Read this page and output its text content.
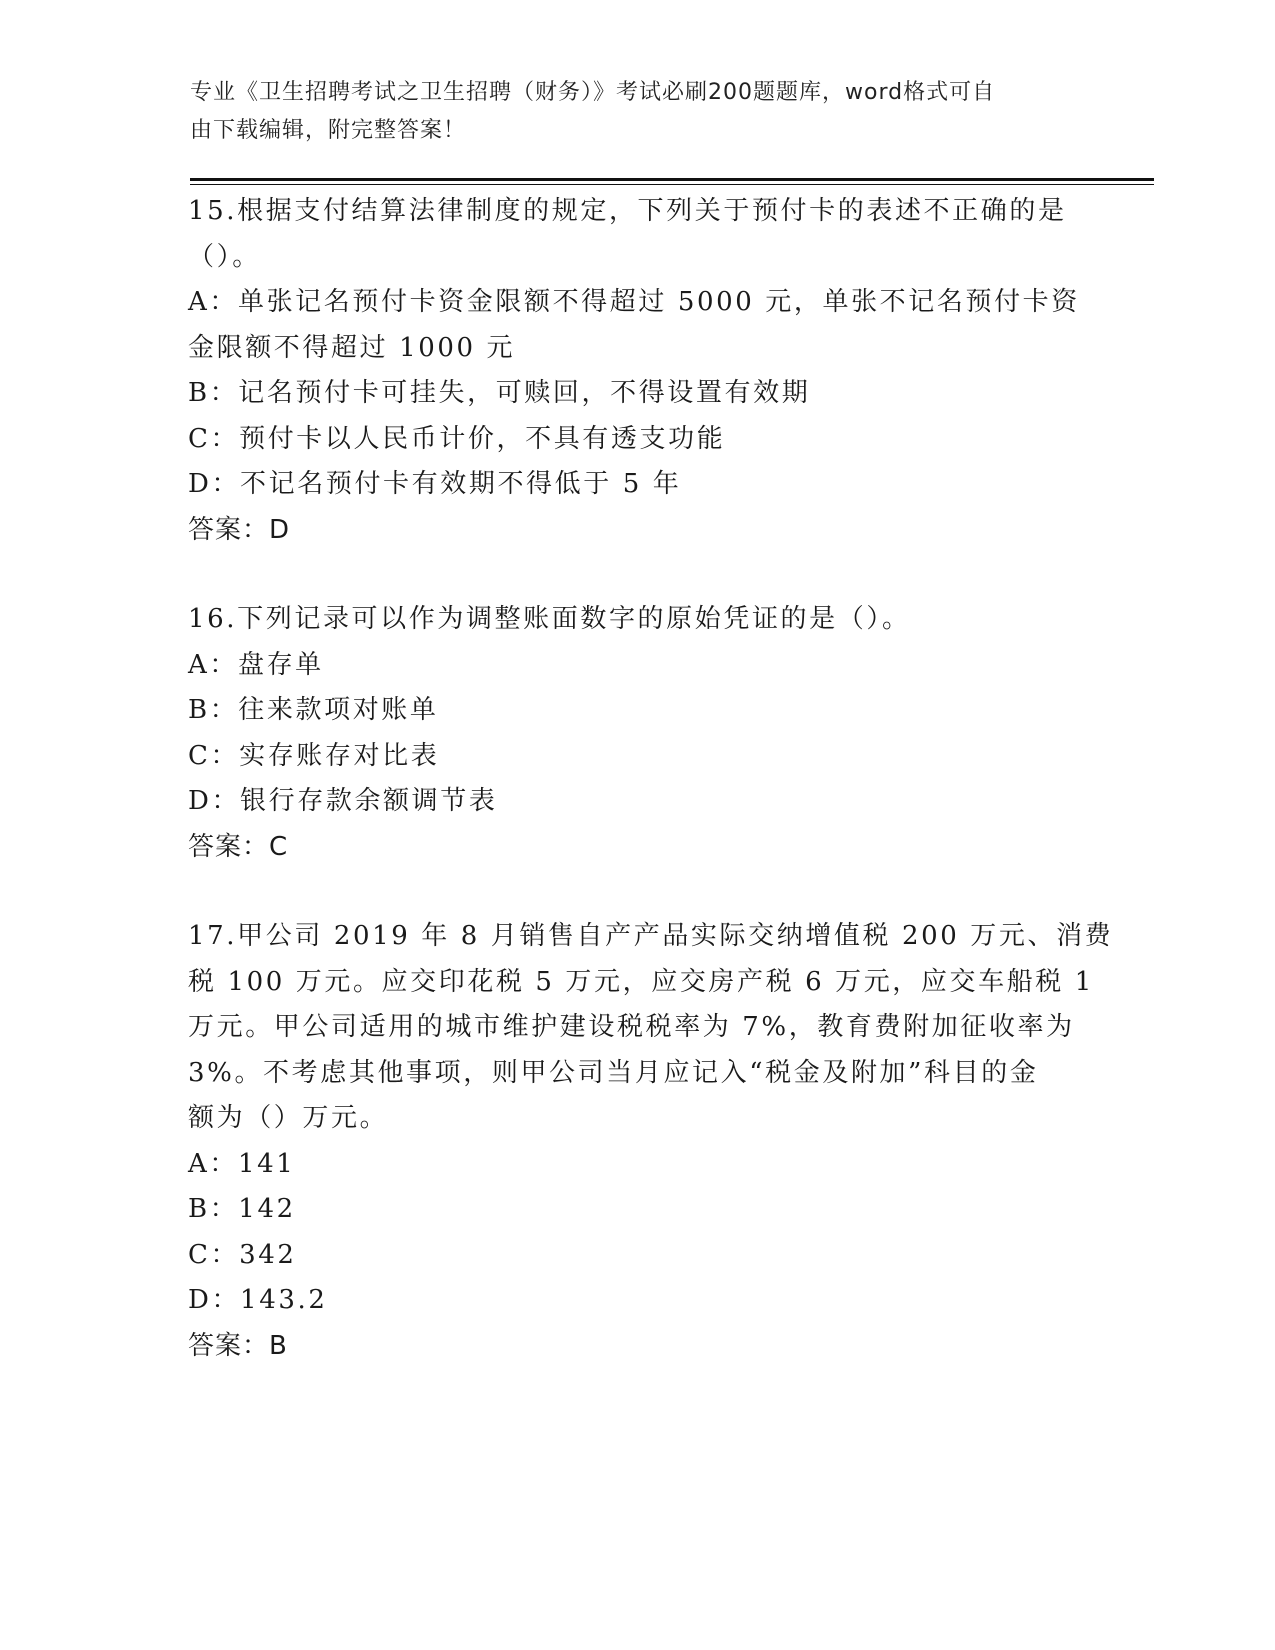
专业《卫生招聘考试之卫生招聘（财务）》考试必刷200题题库，word格式可自
由下载编辑，附完整答案！
15.根据支付结算法律制度的规定，下列关于预付卡的表述不正确的是
（）。
A：单张记名预付卡资金限额不得超过 5000 元，单张不记名预付卡资
金限额不得超过 1000 元
B：记名预付卡可挂失，可赎回，不得设置有效期
C：预付卡以人民币计价，不具有透支功能
D：不记名预付卡有效期不得低于 5 年
答案：D
16.下列记录可以作为调整账面数字的原始凭证的是（）。
A：盘存单
B：往来款项对账单
C：实存账存对比表
D：银行存款余额调节表
答案：C
17.甲公司 2019 年 8 月销售自产产品实际交纳增值税 200 万元、消费
税 100 万元。应交印花税 5 万元，应交房产税 6 万元，应交车船税 1
万元。甲公司适用的城市维护建设税税率为 7%，教育费附加征收率为
3%。不考虑其他事项，则甲公司当月应记入“税金及附加”科目的金
额为（）万元。
A：141
B：142
C：342
D：143.2
答案：B
